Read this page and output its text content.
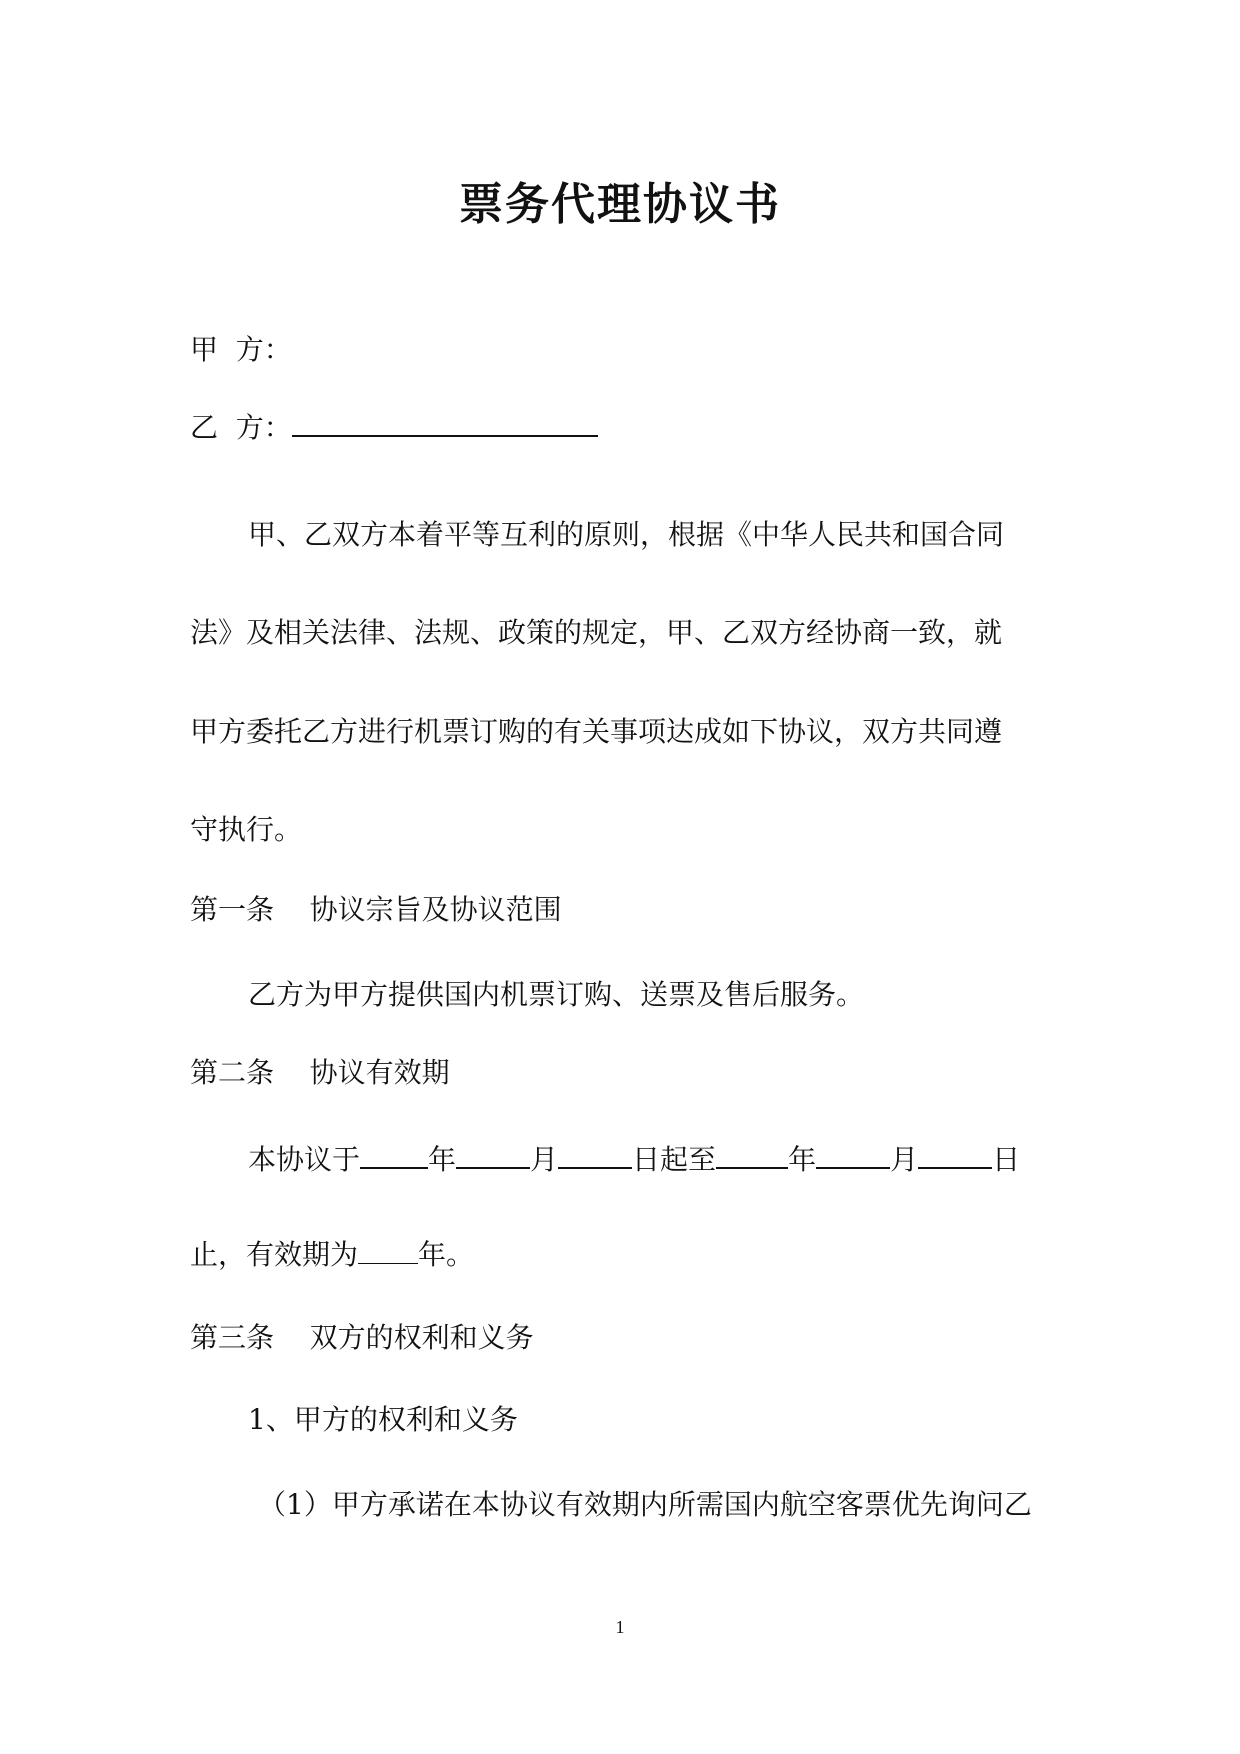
票务代理协议书
甲  方：
乙  方：
甲、乙双方本着平等互利的原则，根据《中华人民共和国合同
法》及相关法律、法规、政策的规定，甲、乙双方经协商一致，就
甲方委托乙方进行机票订购的有关事项达成如下协议，双方共同遵
守执行。
第一条    协议宗旨及协议范围
乙方为甲方提供国内机票订购、送票及售后服务。
第二条    协议有效期
本协议于 年	月	日起至	年	月	日
止，有效期为 年。
第三条    双方的权利和义务
1、甲方的权利和义务
（1）甲方承诺在本协议有效期内所需国内航空客票优先询问乙
1
